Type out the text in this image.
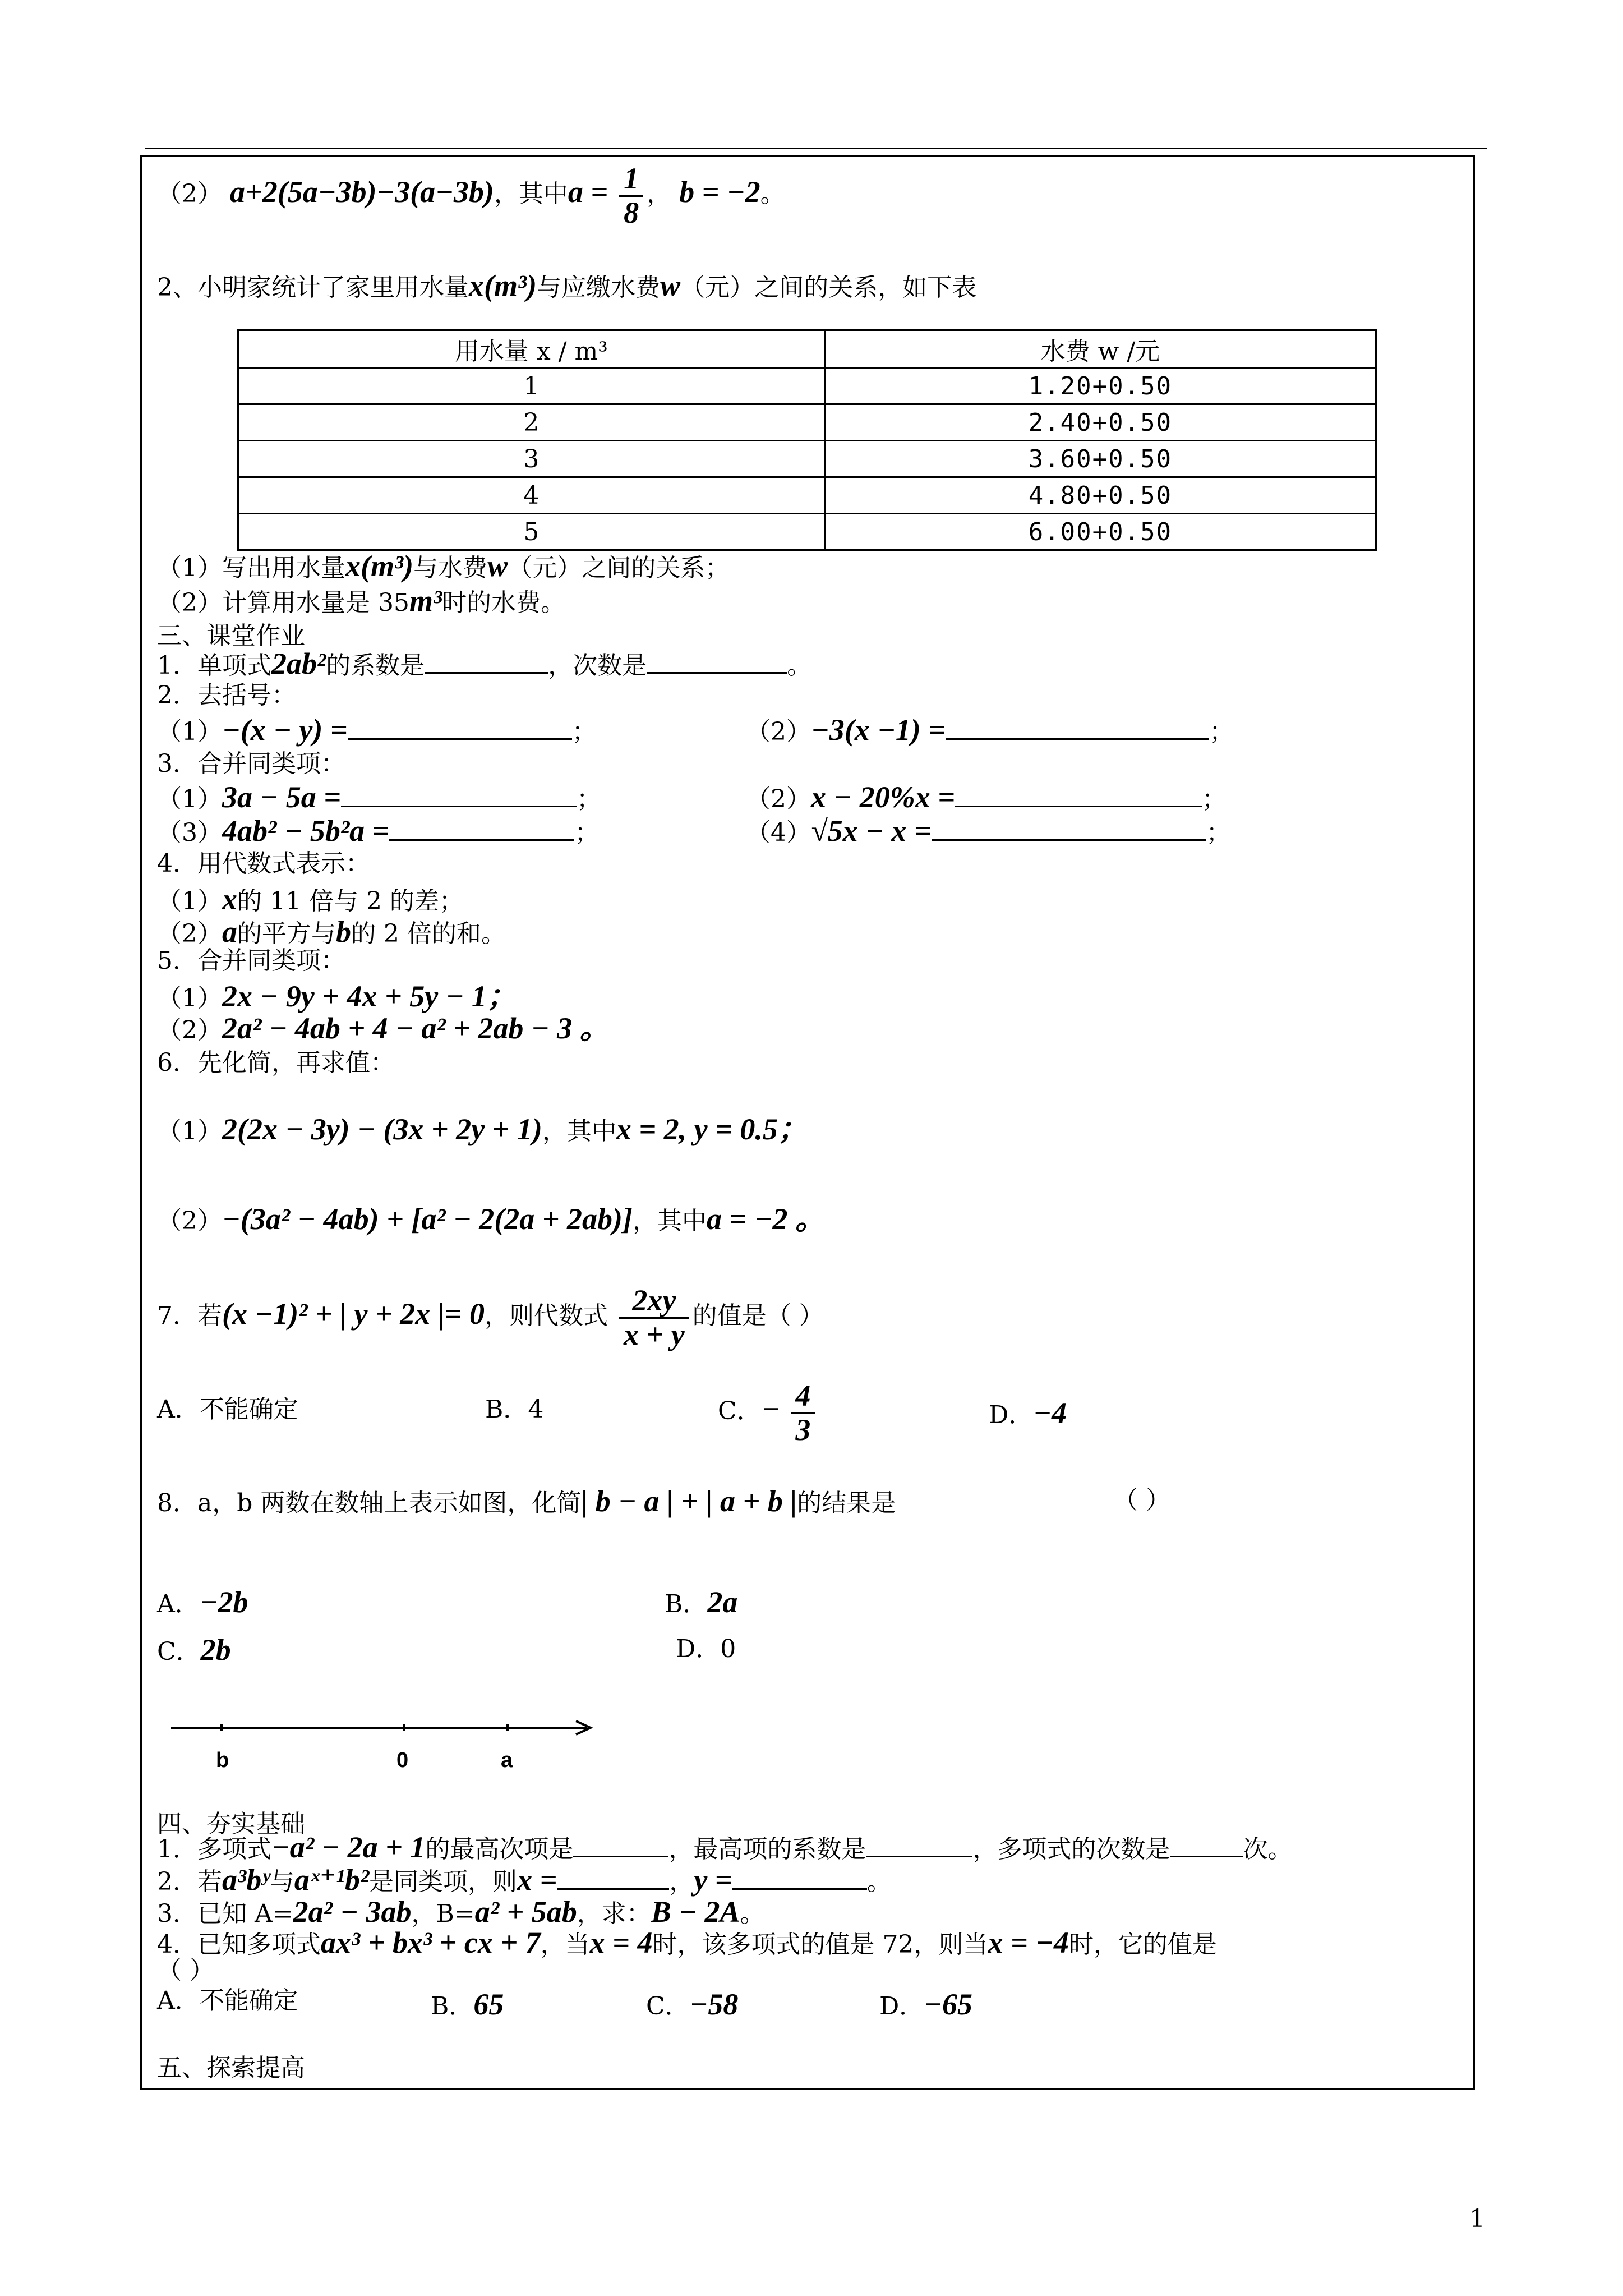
（2） a+2(5a−3b)−3(a−3b)，其中$a = \frac{1}{8}$ ， b = −2。
2、小明家统计了家里用水量x(m³)与应缴水费w（元）之间的关系，如下表
用水量 x / m³	水费 w /元
1	1.20+0.50
2	2.40+0.50
3	3.60+0.50
4	4.80+0.50
5	6.00+0.50
（1）写出用水量x(m³)与水费w（元）之间的关系；
（2）计算用水量是 35m³时的水费。
三、课堂作业
1．单项式2ab²的系数是	，次数是	。
2．去括号：
（1）−(x − y) =	；	（2）−3(x −1) =	；
3．合并同类项：
（1）3a − 5a =	；	（2）x − 20%x =	；
（3）4ab² − 5b²a =	；	（4）√5x − x =	；
4．用代数式表示：
（1）x的 11 倍与 2 的差；
（2）a的平方与b的 2 倍的和。
5．合并同类项：
（1）2x − 9y + 4x + 5y − 1；
（2）2a² − 4ab + 4 − a² + 2ab − 3 。
6．先化简，再求值：
（1）2(2x − 3y) − (3x + 2y + 1)，其中x = 2, y = 0.5；
（2）−(3a² − 4ab) + [a² − 2(2a + 2ab)]，其中a = −2 。
7．若(x −1)² + | y + 2x |= 0，则代数式 $\frac{2xy}{x + y}$ 的值是（ ）
A．不能确定	B．4	C．− $\frac{4}{3}$	D．−4
8．a，b 两数在数轴上表示如图，化简| b − a | + | a + b |的结果是	（ ）
A．−2b	B．2a
C．2b	D．0
b	0	a
四、夯实基础
1．多项式−a² − 2a + 1的最高次项是	，最高项的系数是	，多项式的次数是	次。
2．若a³bʸ与aˣ⁺¹b²是同类项，则x =	，y =	。
3．已知 A=2a² − 3ab，B=a² + 5ab，求：B − 2A。
4．已知多项式ax³ + bx³ + cx + 7，当x = 4时，该多项式的值是 72，则当x = −4时，它的值是
（ ）
A．不能确定	B．65	C．−58	D．−65
五、探索提高
1
